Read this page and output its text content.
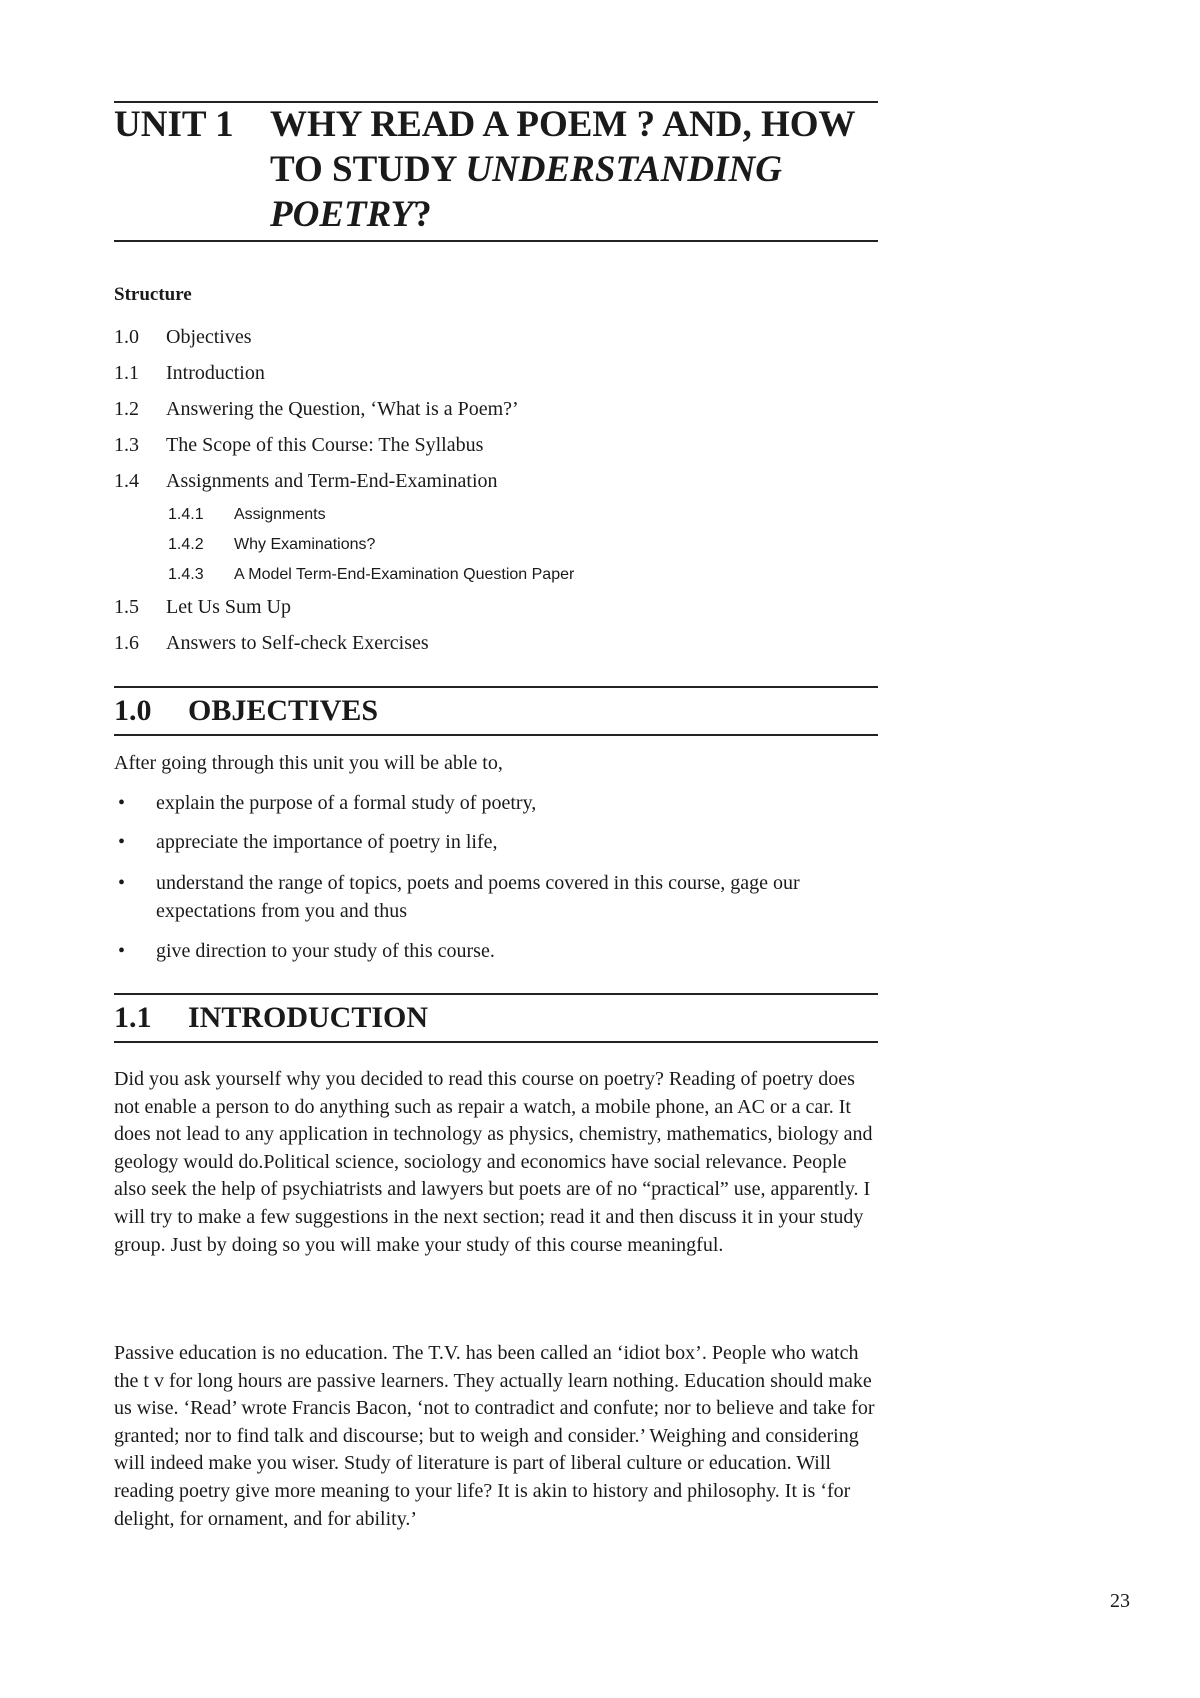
UNIT 1 WHY READ A POEM ? AND, HOW
TO STUDY UNDERSTANDING
POETRY?
Structure
1.0 Objectives
1.1 Introduction
1.2 Answering the Question, ‘What is a Poem?’
1.3 The Scope of this Course: The Syllabus
1.4 Assignments and Term-End-Examination
1.4.1 Assignments
1.4.2 Why Examinations?
1.4.3 A Model Term-End-Examination Question Paper
1.5 Let Us Sum Up
1.6 Answers to Self-check Exercises
1.0 OBJECTIVES
After going through this unit you will be able to,
• explain the purpose of a formal study of poetry,
• appreciate the importance of poetry in life,
• understand the range of topics, poets and poems covered in this course, gage our expectations from you and thus
• give direction to your study of this course.
1.1 INTRODUCTION
Did you ask yourself why you decided to read this course on poetry? Reading of poetry does not enable a person to do anything such as repair a watch, a mobile phone, an AC or a car. It does not lead to any application in technology as physics, chemistry, mathematics, biology and geology would do.Political science, sociology and economics have social relevance. People also seek the help of psychiatrists and lawyers but poets are of no “practical” use, apparently. I will try to make a few suggestions in the next section; read it and then discuss it in your study group. Just by doing so you will make your study of this course meaningful.
Passive education is no education. The T.V. has been called an ‘idiot box’. People who watch the t v for long hours are passive learners. They actually learn nothing. Education should make us wise. ‘Read’ wrote Francis Bacon, ‘not to contradict and confute; nor to believe and take for granted; nor to find talk and discourse; but to weigh and consider.’ Weighing and considering will indeed make you wiser. Study of literature is part of liberal culture or education. Will reading poetry give more meaning to your life? It is akin to history and philosophy. It is ‘for delight, for ornament, and for ability.’
23
